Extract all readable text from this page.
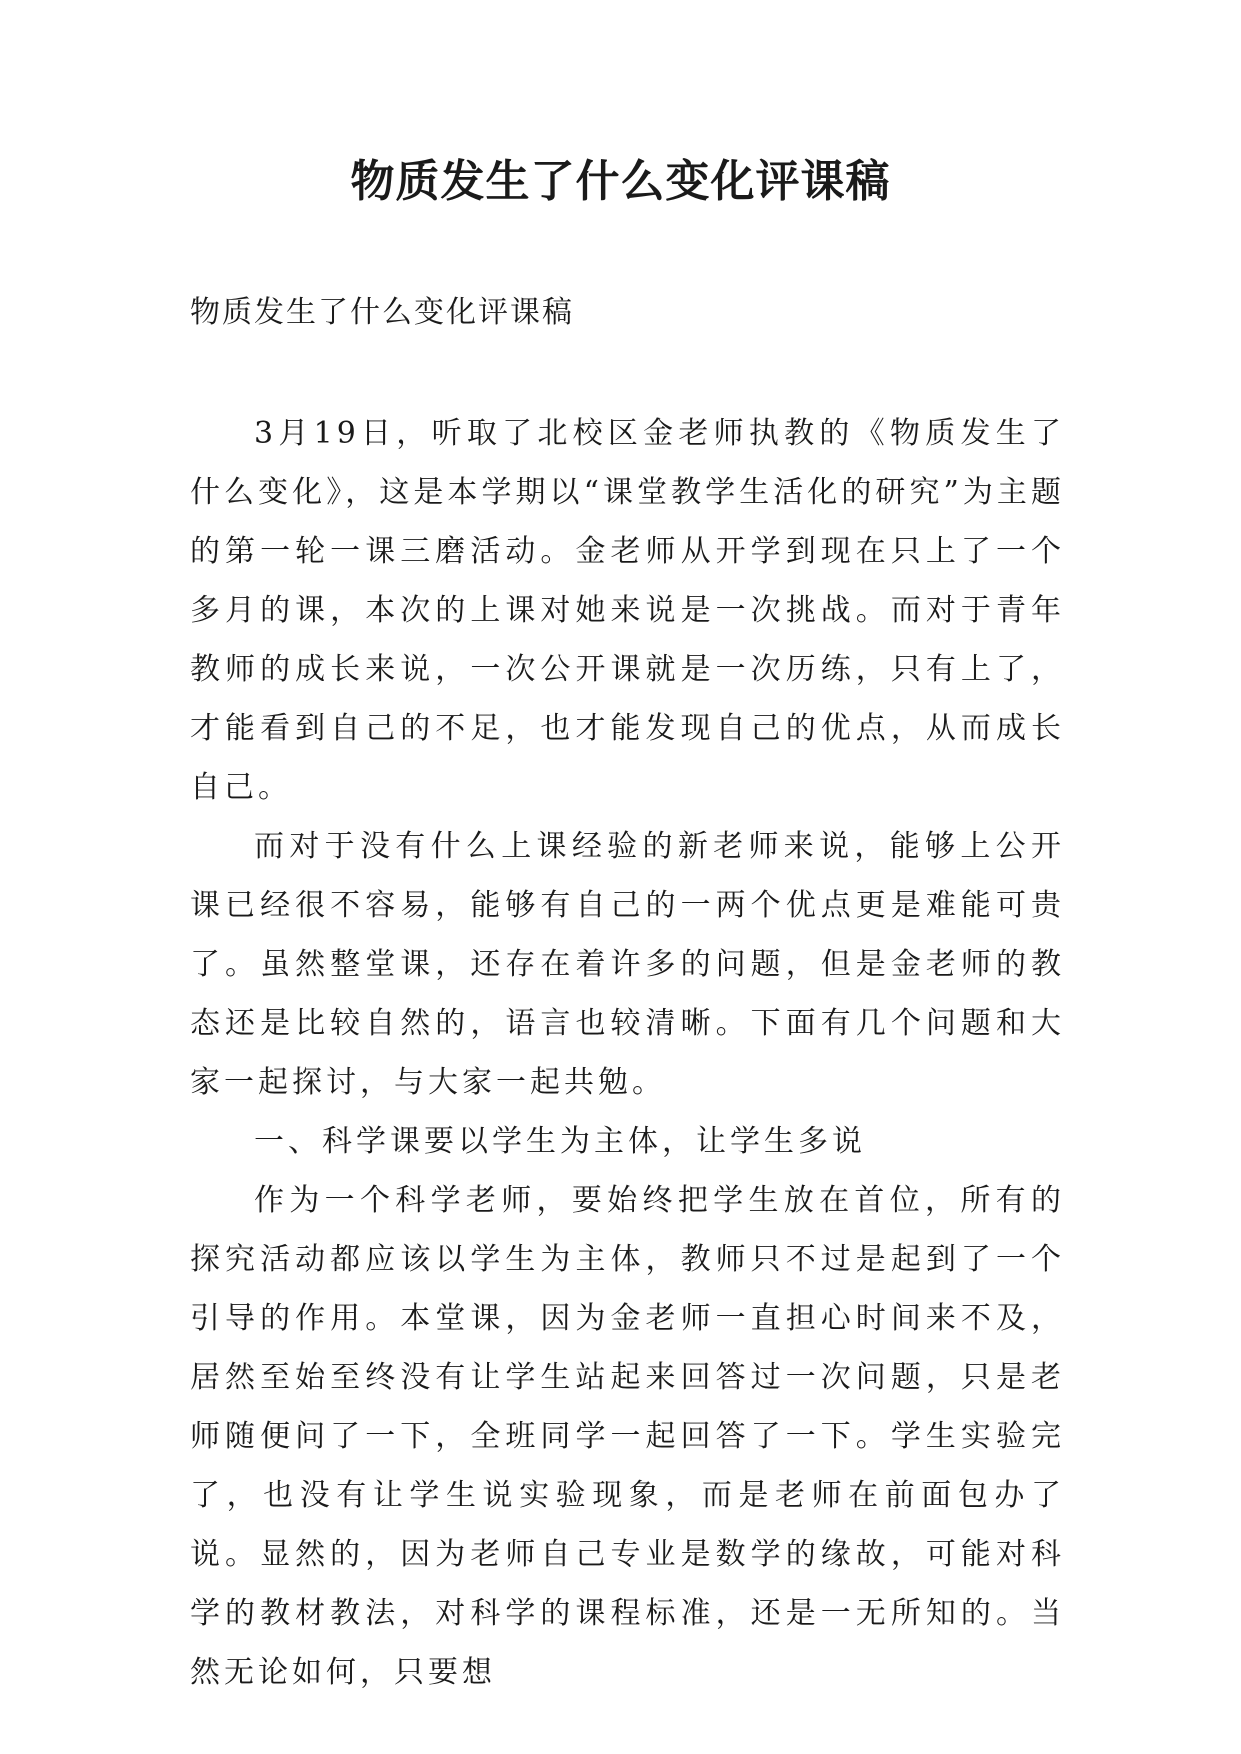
物质发生了什么变化评课稿

物质发生了什么变化评课稿

3月19日，听取了北校区金老师执教的《物质发生了什么变化》，这是本学期以“课堂教学生活化的研究”为主题的第一轮一课三磨活动。金老师从开学到现在只上了一个多月的课，本次的上课对她来说是一次挑战。而对于青年教师的成长来说，一次公开课就是一次历练，只有上了，才能看到自己的不足，也才能发现自己的优点，从而成长自己。

而对于没有什么上课经验的新老师来说，能够上公开课已经很不容易，能够有自己的一两个优点更是难能可贵了。虽然整堂课，还存在着许多的问题，但是金老师的教态还是比较自然的，语言也较清晰。下面有几个问题和大家一起探讨，与大家一起共勉。

一、科学课要以学生为主体，让学生多说

作为一个科学老师，要始终把学生放在首位，所有的探究活动都应该以学生为主体，教师只不过是起到了一个引导的作用。本堂课，因为金老师一直担心时间来不及，居然至始至终没有让学生站起来回答过一次问题，只是老师随便问了一下，全班同学一起回答了一下。学生实验完了，也没有让学生说实验现象，而是老师在前面包办了说。显然的，因为老师自己专业是数学的缘故，可能对科学的教材教法，对科学的课程标准，还是一无所知的。当然无论如何，只要想
